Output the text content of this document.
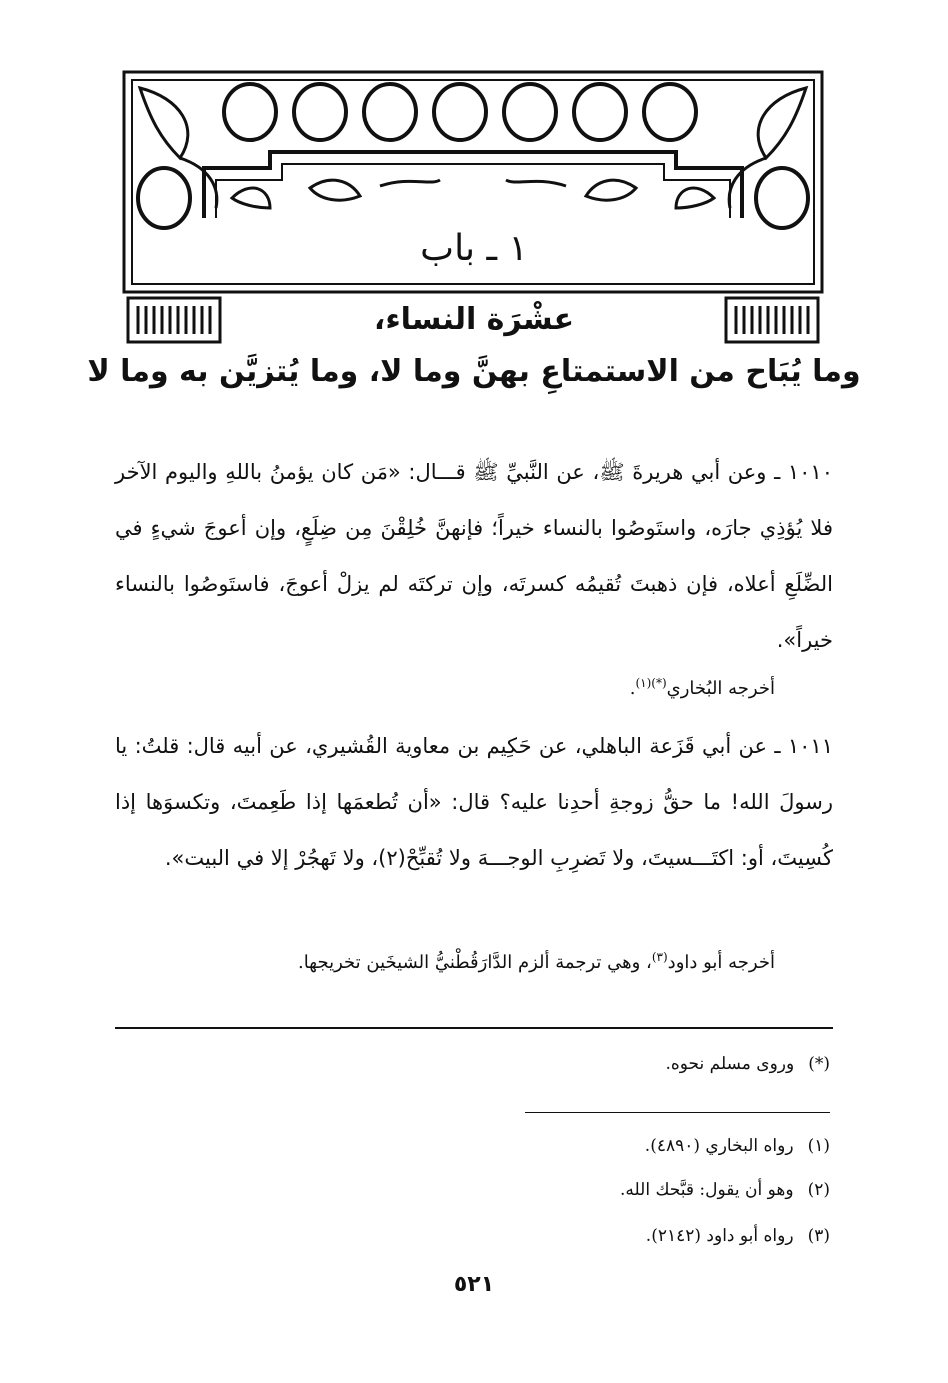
١ ـ باب
عشْرَة النساء،
وما يُبَاح من الاستمتاعِ بهنَّ وما لا، وما يُتزيَّن به وما لا
١٠١٠ ـ وعن أبي هريرةَ ﷺ، عن النَّبيِّ ﷺ قـــال: «مَن كان يؤمنُ باللهِ واليوم الآخر فلا يُؤذِي جارَه، واستَوصُوا بالنساء خيراً؛ فإنهنَّ خُلِقْنَ مِن ضِلَعٍ، وإن أعوجَ شيءٍ في الضِّلَعِ أعلاه، فإن ذهبتَ تُقيمُه كسرتَه، وإن تركتَه لم يزلْ أعوجَ، فاستَوصُوا بالنساء خيراً».
أخرجه البُخاري$^{(*)(١)}$.
١٠١١ ـ عن أبي قَزَعة الباهلي، عن حَكِيم بن معاوية القُشيري، عن أبيه قال: قلتُ: يا رسولَ الله! ما حقُّ زوجةِ أحدِنا عليه؟ قال: «أن تُطعمَها إذا طَعِمتَ، وتكسوَها إذا كُسِيتَ، أو: اكتَـــسيتَ، ولا تَضرِبِ الوجـــهَ ولا تُقبِّحْ(٢)، ولا تَهجُرْ إلا في البيت».
أخرجه أبو داود$^{(٣)}$، وهي ترجمة ألزم الدَّارَقُطْنيُّ الشيخَين تخريجها.
(*)وروى مسلم نحوه.
(١)رواه البخاري (٤٨٩٠).
(٢)وهو أن يقول: قبَّحك الله.
(٣)رواه أبو داود (٢١٤٢).
٥٢١
